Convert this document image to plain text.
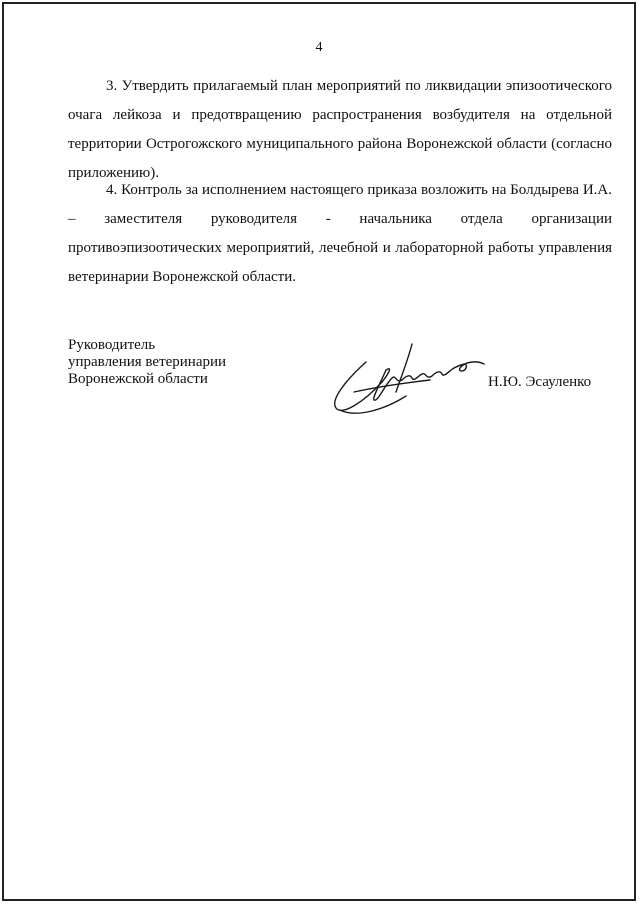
4

3. Утвердить прилагаемый план мероприятий по ликвидации эпизоотического очага лейкоза и предотвращению распространения возбудителя на отдельной территории Острогожского муниципального района Воронежской области (согласно приложению).

4. Контроль за исполнением настоящего приказа возложить на Болдырева И.А. – заместителя руководителя - начальника отдела организации противоэпизоотических мероприятий, лечебной и лабораторной работы управления ветеринарии Воронежской области.

Руководитель
управления ветеринарии
Воронежской области	Н.Ю. Эсауленко
